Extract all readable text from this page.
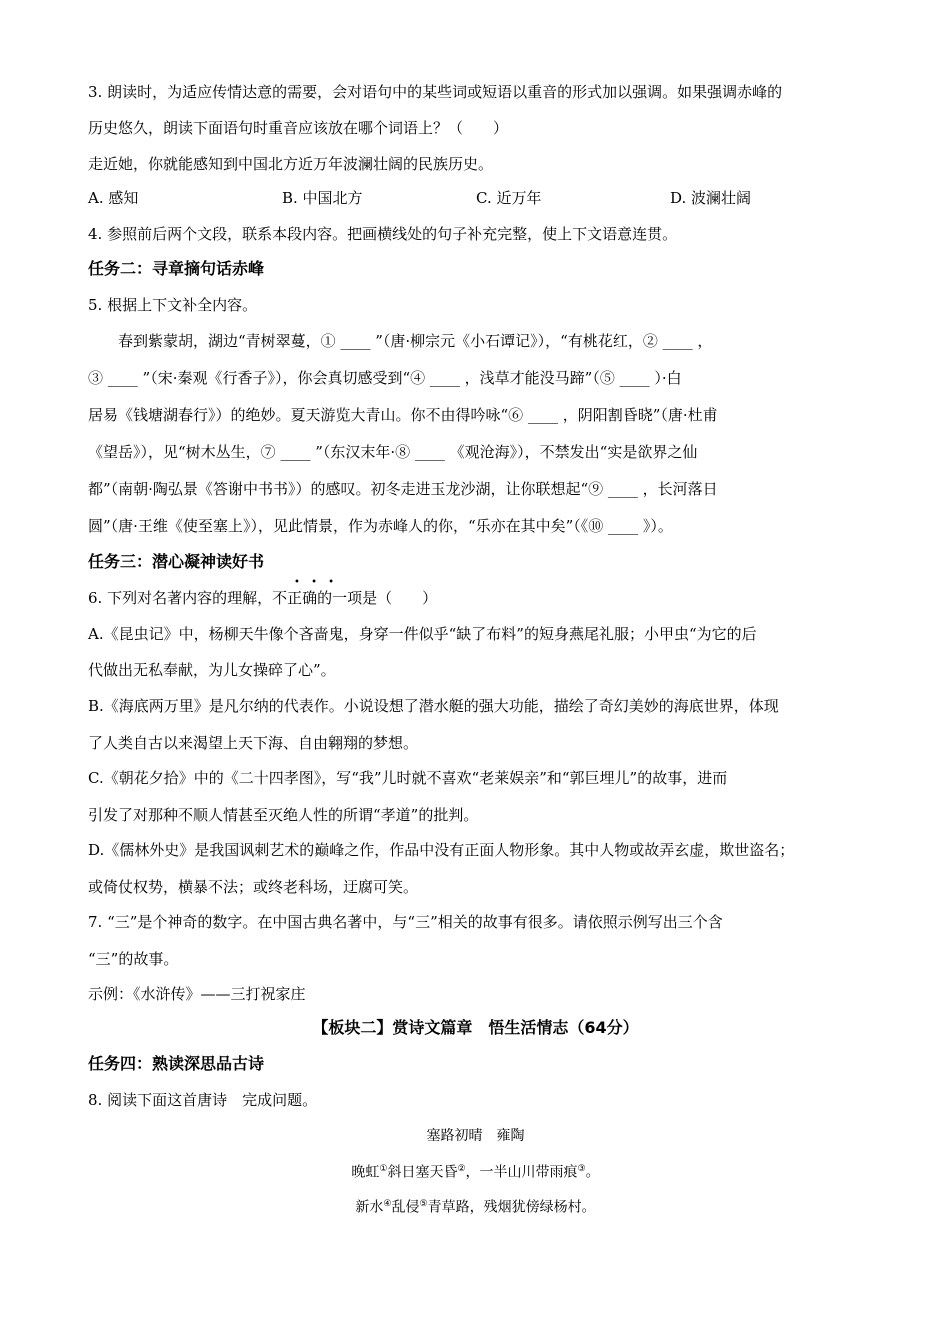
3. 朗读时，为适应传情达意的需要，会对语句中的某些词或短语以重音的形式加以强调。如果强调赤峰的
历史悠久，朗读下面语句时重音应该放在哪个词语上？（　　）
走近她，你就能感知到中国北方近万年波澜壮阔的民族历史。
A. 感知	B. 中国北方	C. 近万年	D. 波澜壮阔
4. 参照前后两个文段，联系本段内容。把画横线处的句子补充完整，使上下文语意连贯。
任务二：寻章摘句话赤峰
5. 根据上下文补全内容。
　　春到紫蒙胡，湖边“青树翠蔓，① ____ ”（唐·柳宗元《小石谭记》），“有桃花红，② ____ ，
③ ____ ”（宋·秦观《行香子》），你会真切感受到“④ ____ ，浅草才能没马蹄”（⑤ ____ ）·白
居易《钱塘湖春行》）的绝妙。夏天游览大青山。你不由得吟咏“⑥ ____ ，阴阳割昏晓”（唐·杜甫
《望岳》），见“树木丛生，⑦ ____ ”（东汉末年·⑧ ____ 《观沧海》），不禁发出“实是欲界之仙
都”（南朝·陶弘景《答谢中书书》）的感叹。初冬走进玉龙沙湖，让你联想起“⑨ ____ ，长河落日
圆”（唐·王维《使至塞上》），见此情景，作为赤峰人的你，“乐亦在其中矣”（《⑩ ____ 》）。
任务三：潜心凝神读好书
• • •
6. 下列对名著内容的理解，不正确的一项是（　　）
A.《昆虫记》中，杨柳天牛像个吝啬鬼，身穿一件似乎“缺了布料”的短身燕尾礼服；小甲虫“为它的后
代做出无私奉献，为儿女操碎了心”。
B.《海底两万里》是凡尔纳的代表作。小说设想了潜水艇的强大功能，描绘了奇幻美妙的海底世界，体现
了人类自古以来渴望上天下海、自由翱翔的梦想。
C.《朝花夕拾》中的《二十四孝图》，写“我”儿时就不喜欢“老莱娱亲”和“郭巨埋儿”的故事，进而
引发了对那种不顺人情甚至灭绝人性的所谓“孝道”的批判。
D.《儒林外史》是我国讽刺艺术的巅峰之作，作品中没有正面人物形象。其中人物或故弄玄虚，欺世盗名；
或倚仗权势，横暴不法；或终老科场，迂腐可笑。
7. “三”是个神奇的数字。在中国古典名著中，与“三”相关的故事有很多。请依照示例写出三个含
“三”的故事。
示例：《水浒传》——三打祝家庄
【板块二】赏诗文篇章　悟生活情志（64分）
任务四：熟读深思品古诗
8. 阅读下面这首唐诗　完成问题。
塞路初晴　雍陶
晚虹①斜日塞天昏②，一半山川带雨痕③。
新水④乱侵⑤青草路，残烟犹傍绿杨村。
